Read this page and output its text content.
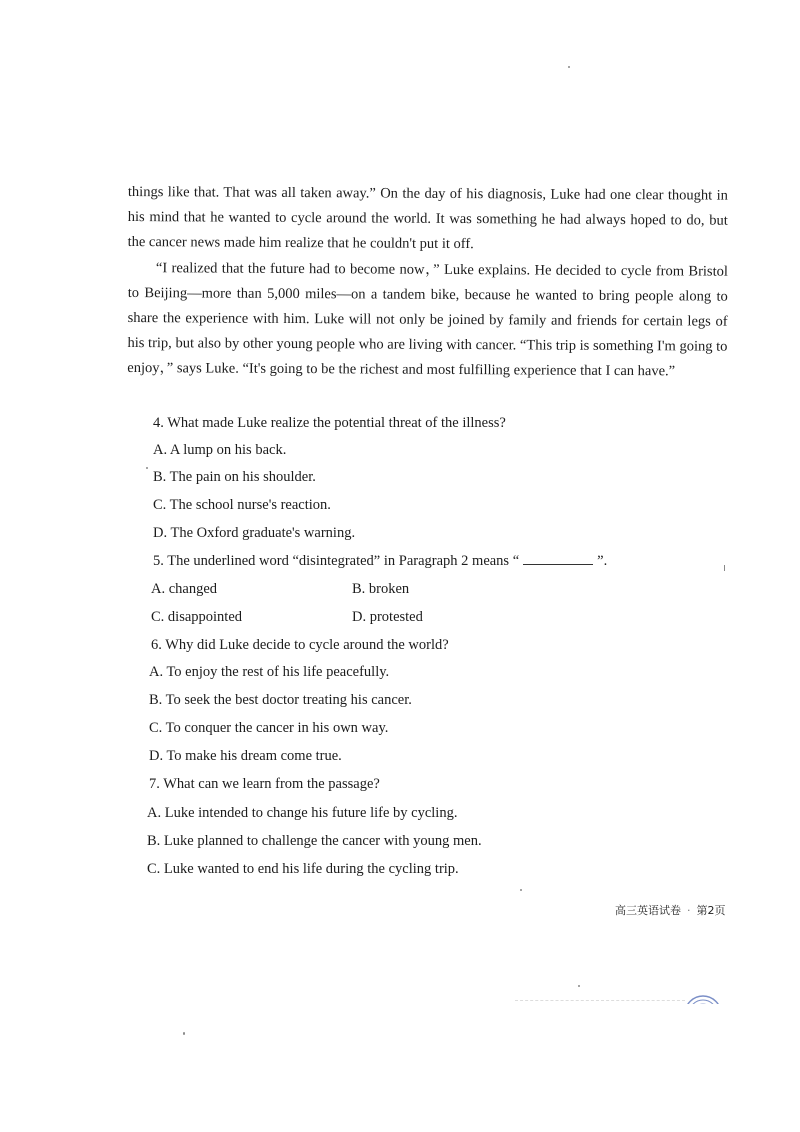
things like that. That was all taken away.” On the day of his diagnosis, Luke had one clear thought in his mind that he wanted to cycle around the world. It was something he had always hoped to do, but the cancer news made him realize that he couldn't put it off.

“I realized that the future had to become now，” Luke explains. He decided to cycle from Bristol to Beijing—more than 5,000 miles—on a tandem bike, because he wanted to bring people along to share the experience with him. Luke will not only be joined by family and friends for certain legs of his trip, but also by other young people who are living with cancer. “This trip is something I'm going to enjoy，” says Luke. “It's going to be the richest and most fulfilling experience that I can have.”

4. What made Luke realize the potential threat of the illness?
A. A lump on his back.
B. The pain on his shoulder.
C. The school nurse's reaction.
D. The Oxford graduate's warning.
5. The underlined word “disintegrated” in Paragraph 2 means “	”.
A. changed	B. broken
C. disappointed	D. protested
6. Why did Luke decide to cycle around the world?
A. To enjoy the rest of his life peacefully.
B. To seek the best doctor treating his cancer.
C. To conquer the cancer in his own way.
D. To make his dream come true.
7. What can we learn from the passage?
A. Luke intended to change his future life by cycling.
B. Luke planned to challenge the cancer with young men.
C. Luke wanted to end his life during the cycling trip.
高三英语试卷 · 第2页
